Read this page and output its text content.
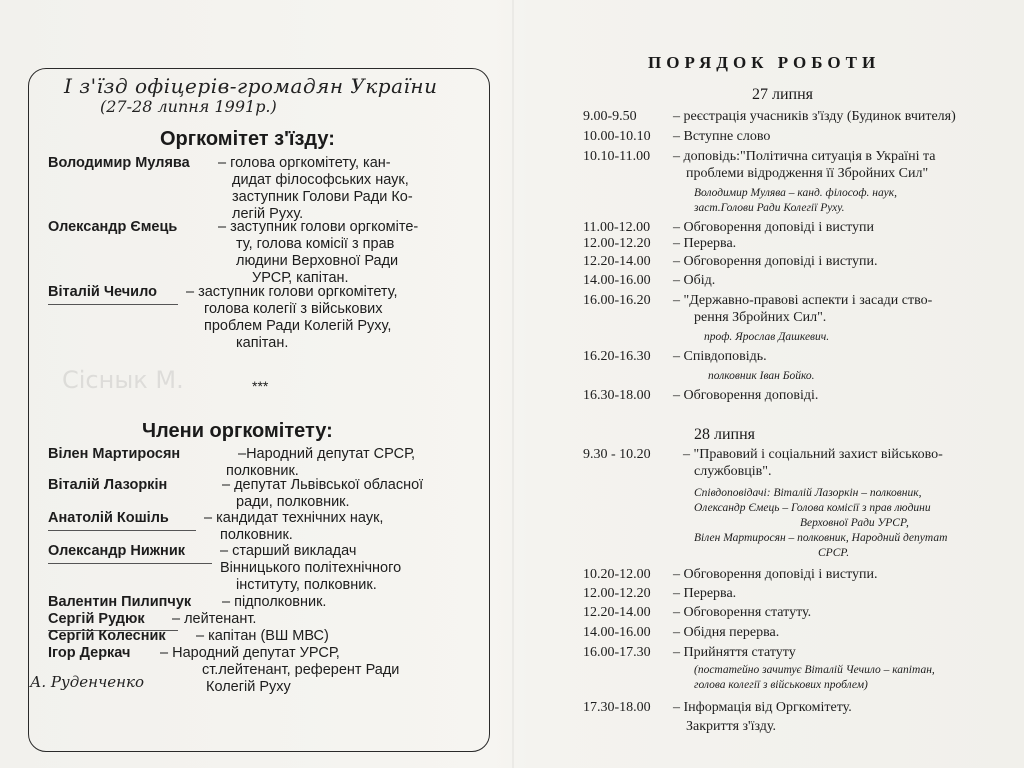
І з'їзд офіцерів-громадян України
(27-28 липня 1991р.)
Сіснык М.
Оргкомітет з'їзду:
Володимир Мулява – голова оргкомітету, кан-
дидат філософських наук,
заступник Голови Ради Ко-
легій Руху.
Олександр Ємець	– заступник голови оргкоміте-
ту, голова комісії з прав
людини Верховної Ради
УРСР, капітан.
Віталій Чечило – заступник голови оргкомітету,
голова колегії з військових
проблем Ради Колегій Руху,
капітан.
***
Члени оргкомітету:
Вілен Мартиросян	–Народний депутат СРСР,
полковник.
Віталій Лазоркін	– депутат Львівської обласної
ради, полковник.
Анатолій Кошіль – кандидат технічних наук,
полковник.
Олександр Нижник – старший викладач
Вінницького політехнічного
інституту, полковник.
Валентин Пилипчук – підполковник.
Сергій Рудюк – лейтенант.
Сергій Колесник – капітан (ВШ МВС)
Ігор Деркач – Народний депутат УРСР,
ст.лейтенант, референт Ради
Колегій Руху
А. Руденченко
ПОРЯДОК РОБОТИ
27 липня
9.00-9.50	– реєстрація учасників з'їзду (Будинок вчителя)
10.00-10.10 – Вступне слово
10.10-11.00 – доповідь:"Політична ситуація в Україні та
проблеми відродження її Збройних Сил"
Володимир Мулява – канд. філософ. наук,
заст.Голови Ради Колегії Руху.
11.00-12.00 – Обговорення доповіді і виступи
12.00-12.20 – Перерва.
12.20-14.00 – Обговорення доповіді і виступи.
14.00-16.00 – Обід.
16.00-16.20 – "Державно-правові аспекти і засади ство-
рення Збройних Сил".
проф. Ярослав Дашкевич.
16.20-16.30 – Співдоповідь.
полковник Іван Бойко.
16.30-18.00 – Обговорення доповіді.
28 липня
9.30 - 10.20 – "Правовий і соціальний захист військово-
службовців".
Співдоповідачі: Віталій Лазоркін – полковник,
Олександр Ємець – Голова комісії з прав людини
Верховної Ради УРСР,
Вілен Мартиросян – полковник, Народний депутат
СРСР.
10.20-12.00 – Обговорення доповіді і виступи.
12.00-12.20 – Перерва.
12.20-14.00 – Обговорення статуту.
14.00-16.00 – Обідня перерва.
16.00-17.30 – Прийняття статуту
(постатейно зачитує Віталій Чечило – капітан,
голова колегії з військових проблем)
17.30-18.00 – Інформація від Оргкомітету.
Закриття з'їзду.
